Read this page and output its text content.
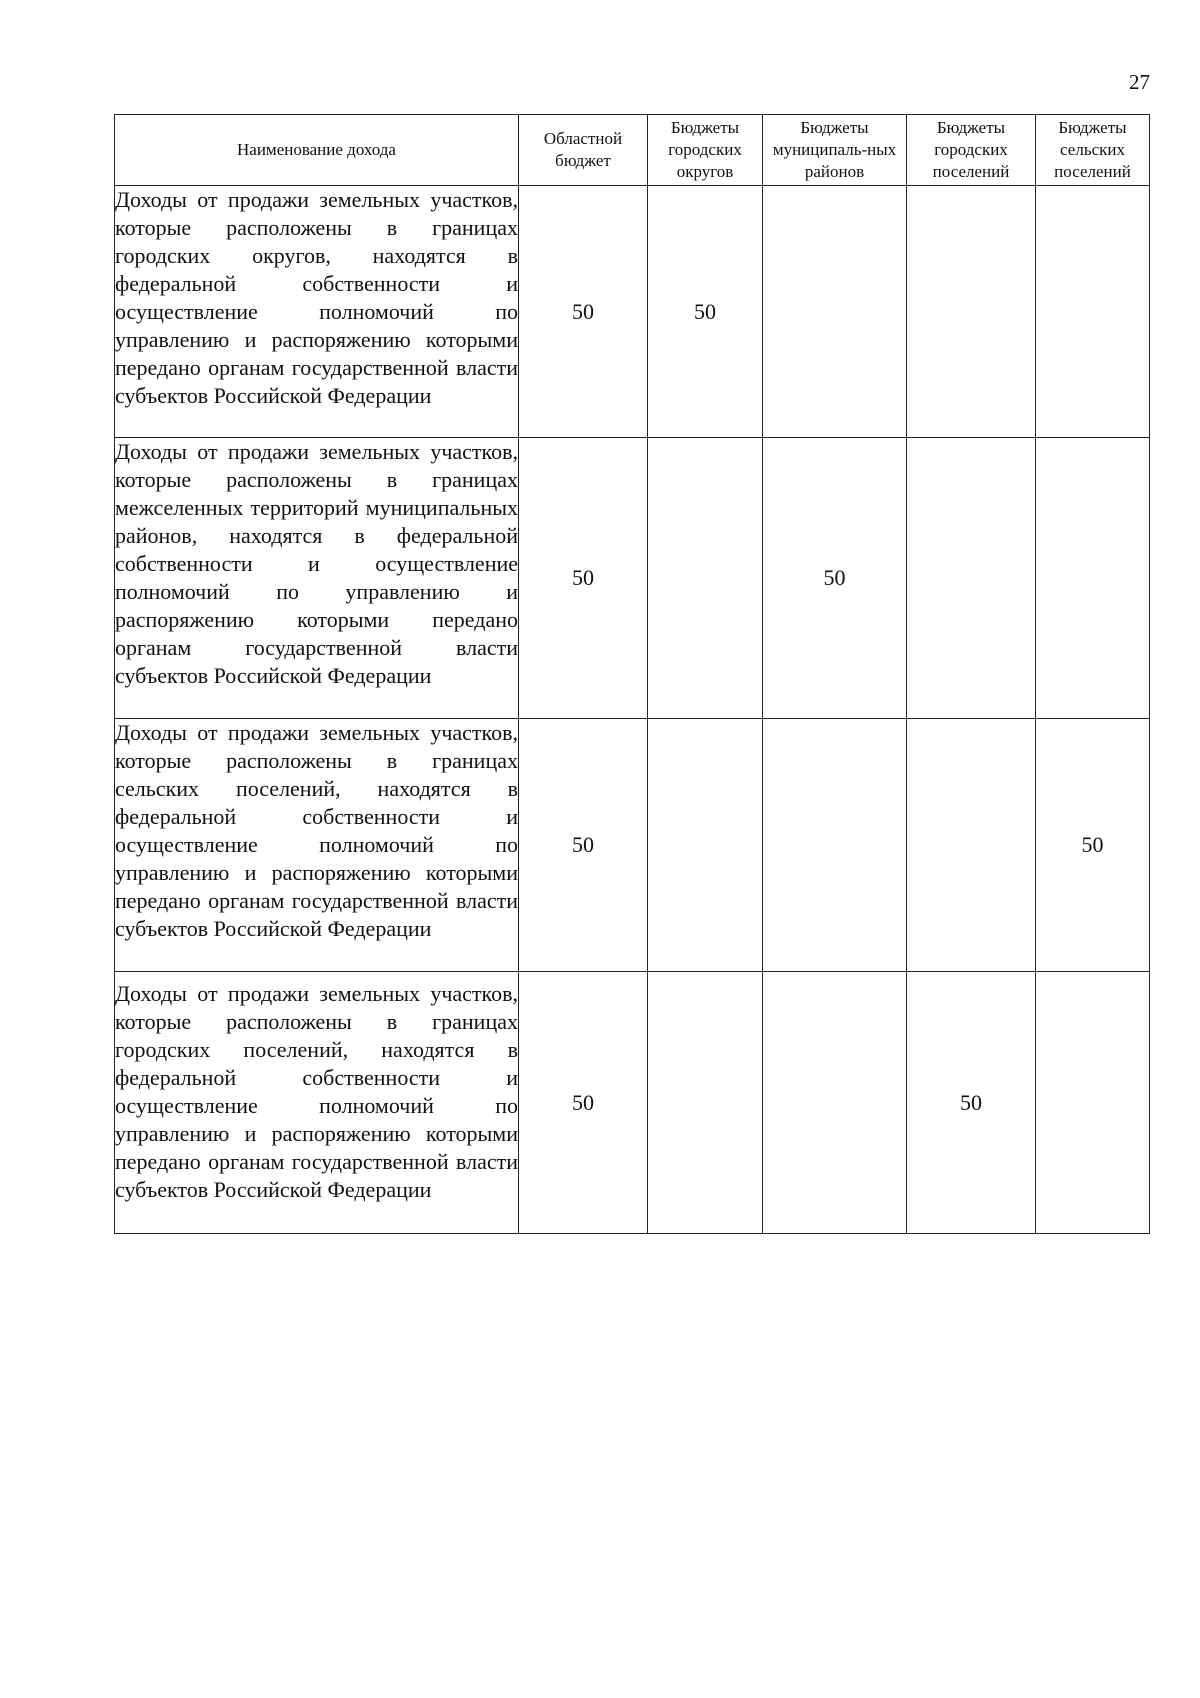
27
Наименование дохода	Областной бюджет	Бюджеты городских округов	Бюджеты муниципаль-ных районов	Бюджеты городских поселений	Бюджеты сельских поселений

Доходы от продажи земельных участков, которые расположены в границах городских округов, находятся в федеральной собственности и осуществление полномочий по управлению и распоряжению которыми передано органам государственной власти субъектов Российской Федерации	50	50			

Доходы от продажи земельных участков, которые расположены в границах межселенных территорий муниципальных районов, находятся в федеральной собственности и осуществление полномочий по управлению и распоряжению которыми передано органам государственной власти субъектов Российской Федерации	50		50		

Доходы от продажи земельных участков, которые расположены в границах сельских поселений, находятся в федеральной собственности и осуществление полномочий по управлению и распоряжению которыми передано органам государственной власти субъектов Российской Федерации	50				50

Доходы от продажи земельных участков, которые расположены в границах городских поселений, находятся в федеральной собственности и осуществление полномочий по управлению и распоряжению которыми передано органам государственной власти субъектов Российской Федерации	50			50	
